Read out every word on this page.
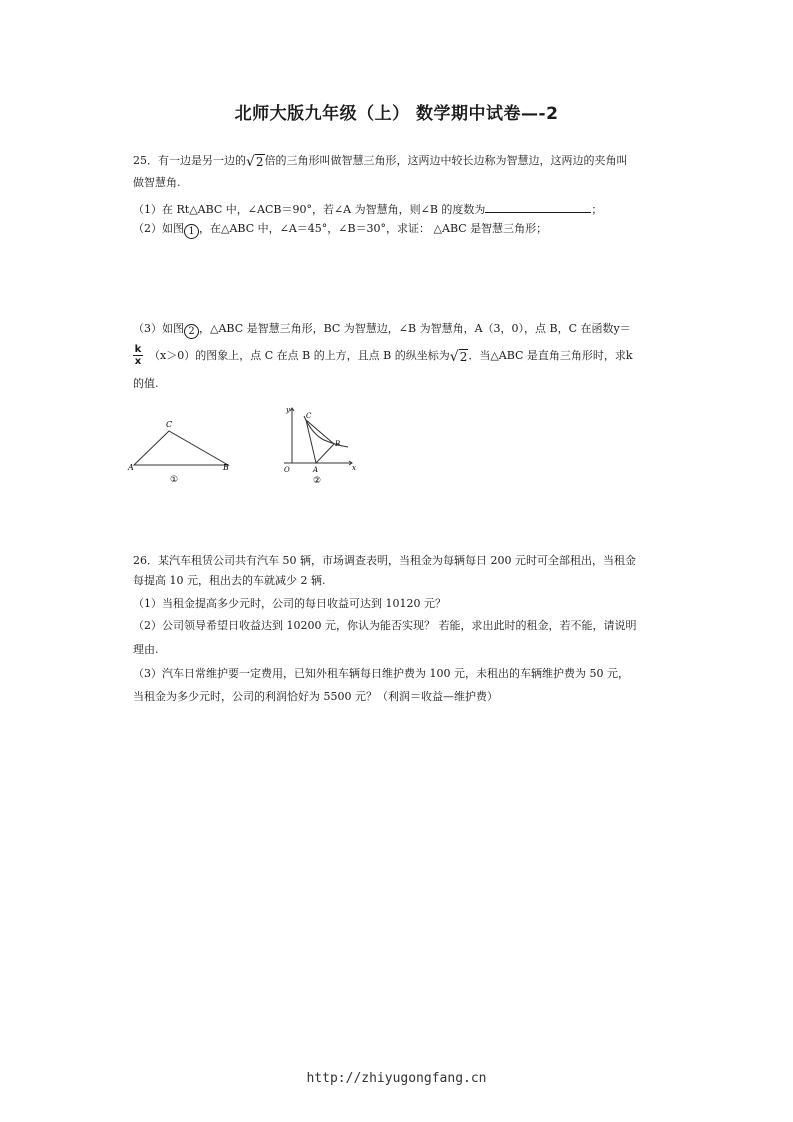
北师大版九年级（上） 数学期中试卷—-2
25．有一边是另一边的√2倍的三角形叫做智慧三角形，这两边中较长边称为智慧边，这两边的夹角叫
做智慧角.
（1）在 Rt△ABC 中，∠ACB＝90°，若∠A 为智慧角，则∠B 的度数为	；
（2）如图 1 ，在△ABC 中，∠A＝45°，∠B＝30°，求证： △ABC 是智慧三角形；
（3）如图 2 ，△ABC 是智慧三角形，BC 为智慧边，∠B 为智慧角，A（3，0），点 B，C 在函数y＝
$\frac{k}{x} (x>0)$的图象上，点 C 在点 B 的上方，且点 B 的纵坐标为√2．当△ABC 是直角三角形时，求k
的值.
A	B
C
①
y
x
O	A
B
C
②
26．某汽车租赁公司共有汽车 50 辆，市场调查表明，当租金为每辆每日 200 元时可全部租出，当租金
每提高 10 元，租出去的车就减少 2 辆.
（1）当租金提高多少元时，公司的每日收益可达到 10120 元？
（2）公司领导希望日收益达到 10200 元，你认为能否实现？ 若能，求出此时的租金，若不能，请说明
理由.
（3）汽车日常维护要一定费用，已知外租车辆每日维护费为 100 元，未租出的车辆维护费为 50 元，
当租金为多少元时，公司的利润恰好为 5500 元？（利润＝收益—维护费）
http://zhiyugongfang.cn
